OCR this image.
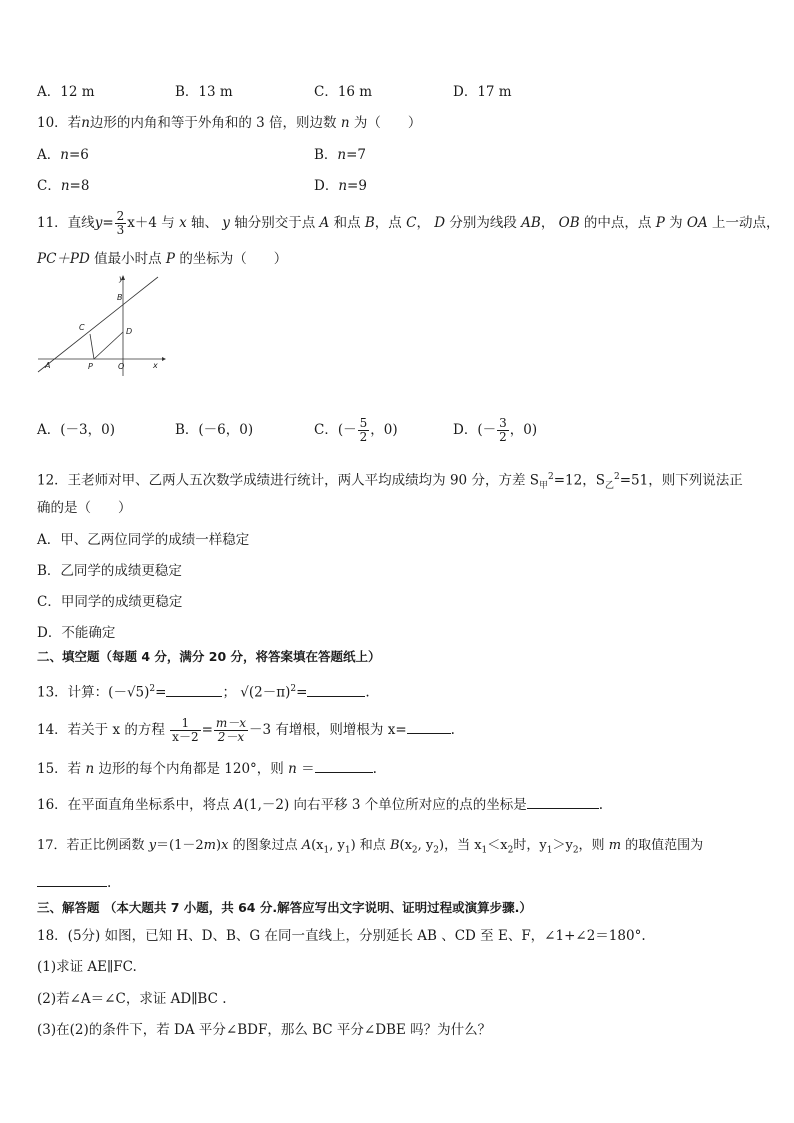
A．12 m	B．13 m	C．16 m	D．17 m
10．若n边形的内角和等于外角和的 3 倍，则边数 n 为（　　）
A．n=6	B．n=7
C．n=8	D．n=9
11．直线$y= \frac{2}{3} x+4$ 与 x 轴、 y 轴分别交于点 A 和点 B，点 C， D 分别为线段 AB， OB 的中点，点 P 为 OA 上一动点，
PC＋PD 值最小时点 P 的坐标为（　　）
y
B
C	D
A	P	O	x
A．(－3，0)	B．(－6，0)	C．(－ $\frac{5}{2}$ ，0)	D．(－ $\frac{3}{2}$ ，0)
12．王老师对甲、乙两人五次数学成绩进行统计，两人平均成绩均为 90 分，方差 $S_甲^2=12$，$S_乙^2=51$，则下列说法正
确的是（　　）
A．甲、乙两位同学的成绩一样稳定
B．乙同学的成绩更稳定
C．甲同学的成绩更稳定
D．不能确定
二、填空题（每题 4 分，满分 20 分，将答案填在答题纸上）
13．计算：$(-√5)^2=$	； $√(2-\pi)^2=$	.
14．若关于 x 的方程 $\frac{1}{x-2} = \frac{m-x}{2-x} -3$ 有增根，则增根为 x=	.
15．若 n 边形的每个内角都是 120°，则 n ＝	.
16．在平面直角坐标系中，将点 A(1,－2) 向右平移 3 个单位所对应的点的坐标是	.
17．若正比例函数 y＝(1－2m)x 的图象过点 $A(x_1$, $y_1$) 和点 $B(x_2$, $y_2$)，当 $x_1<x_2$时，$y_1>y_2$，则 m 的取值范围为
.
三、解答题 （本大题共 7 小题，共 64 分.解答应写出文字说明、证明过程或演算步骤.）
18．(5分) 如图，已知 H、D、B、G 在同一直线上，分别延长 AB 、CD 至 E、F，∠1+∠2＝180°.
(1)求证 AE∥FC.
(2)若∠A＝∠C，求证 AD∥BC .
(3)在(2)的条件下，若 DA 平分∠BDF，那么 BC 平分∠DBE 吗？为什么？
